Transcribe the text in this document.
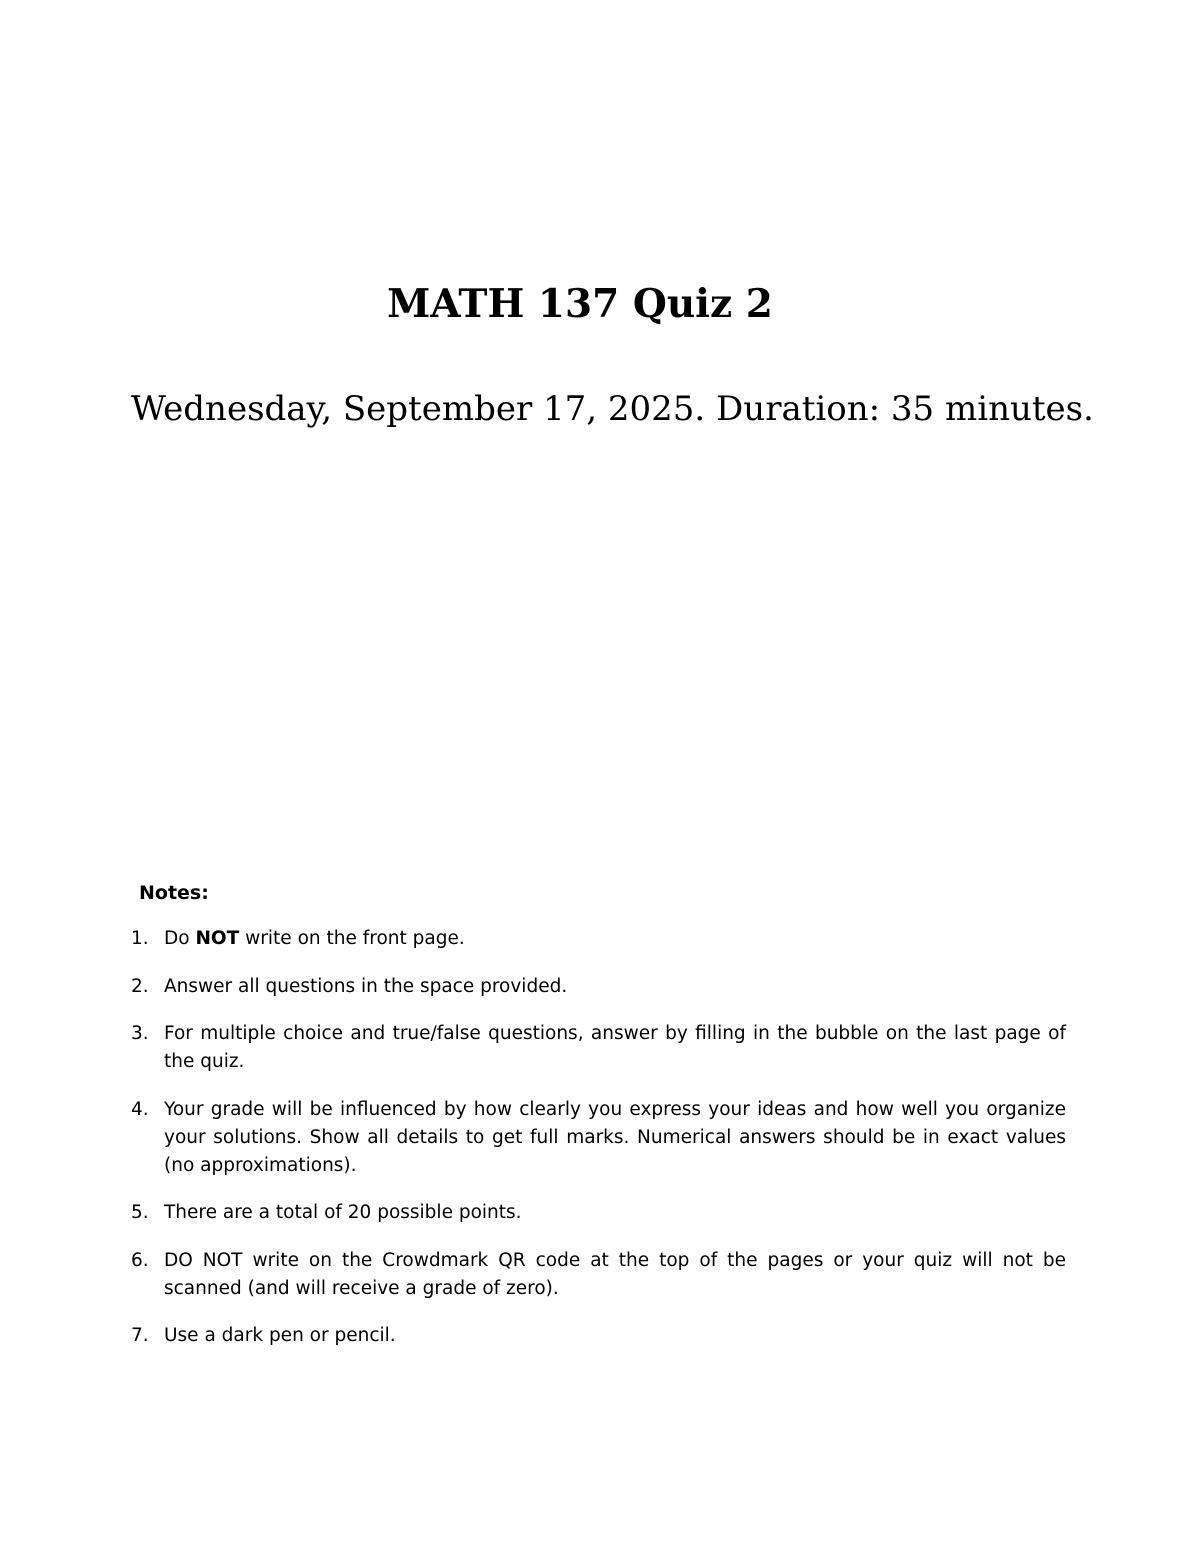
MATH 137 Quiz 2

Wednesday, September 17, 2025. Duration: 35 minutes.

Notes:

1. Do NOT write on the front page.
2. Answer all questions in the space provided.
3. For multiple choice and true/false questions, answer by filling in the bubble on the last page of the quiz.
4. Your grade will be influenced by how clearly you express your ideas and how well you organize your solutions. Show all details to get full marks. Numerical answers should be in exact values (no approximations).
5. There are a total of 20 possible points.
6. DO NOT write on the Crowdmark QR code at the top of the pages or your quiz will not be scanned (and will receive a grade of zero).
7. Use a dark pen or pencil.
